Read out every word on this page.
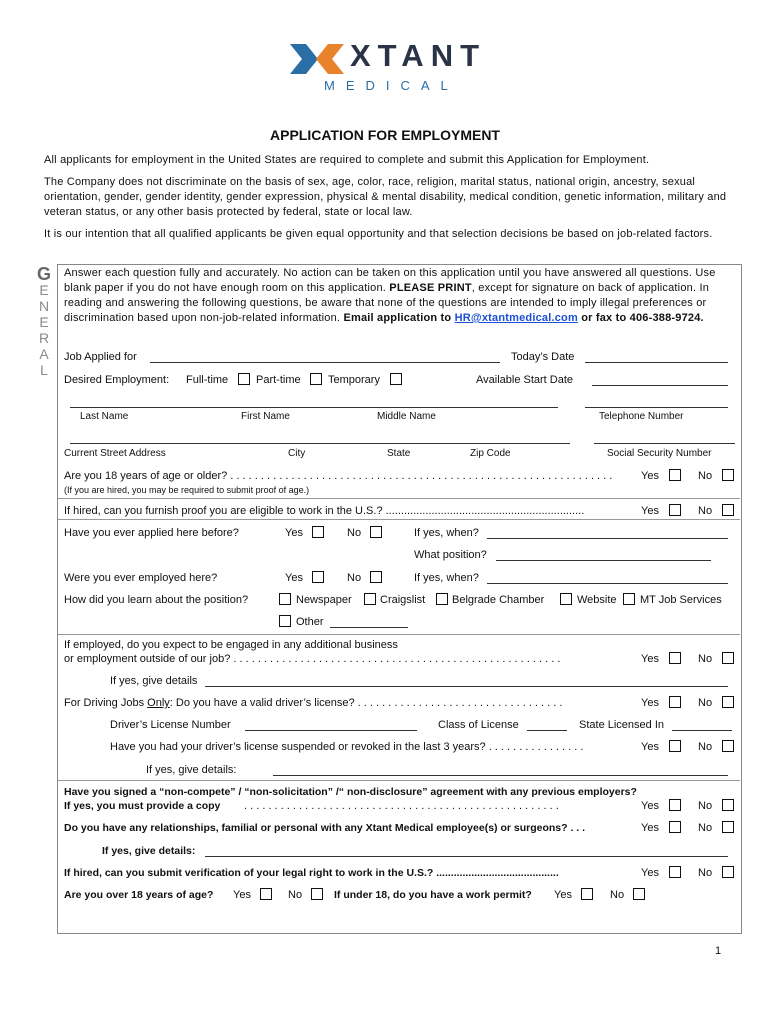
XTANT
MEDICAL
APPLICATION FOR EMPLOYMENT
All applicants for employment in the United States are required to complete and submit this Application for Employment.
The Company does not discriminate on the basis of sex, age, color, race, religion, marital status, national origin, ancestry, sexual orientation, gender, gender identity, gender expression, physical & mental disability, medical condition, genetic information, military and veteran status, or any other basis protected by federal, state or local law.
It is our intention that all qualified applicants be given equal opportunity and that selection decisions be based on job-related factors.
G
E
N
E
R
A
L
Answer each question fully and accurately. No action can be taken on this application until you have answered all questions. Use blank paper if you do not have enough room on this application. PLEASE PRINT, except for signature on back of application. In reading and answering the following questions, be aware that none of the questions are intended to imply illegal preferences or discrimination based upon non-job-related information. Email application to HR@xtantmedical.com or fax to 406-388-9724.
Job Applied for	Today’s Date
Desired Employment: Full-time	Part-time Temporary	Available Start Date
Last Name	First Name	Middle Name	Telephone Number
Current Street Address	City	State	Zip Code	Social Security Number
Are you 18 years of age or older? . . . . . . . . . . . . . . . . . . . . . . . . . . . . . . . . . . . . . . . . . . . . . . . . . . . . . . . . . . . . . . .	Yes	No
(If you are hired, you may be required to submit proof of age.)
If hired, can you furnish proof you are eligible to work in the U.S.? .................................................................	Yes	No
Have you ever applied here before?	Yes	No	If yes, when?
What position?
Were you ever employed here?	Yes	No	If yes, when?
How did you learn about the position?	Newspaper	Craigslist Belgrade Chamber	Website MT Job Services
Other
If employed, do you expect to be engaged in any additional business
or employment outside of our job? . . . . . . . . . . . . . . . . . . . . . . . . . . . . . . . . . . . . . . . . . . . . . . . . . . . . . .	Yes	No
If yes, give details
For Driving Jobs Only: Do you have a valid driver’s license? . . . . . . . . . . . . . . . . . . . . . . . . . . . . . . . . . .	Yes	No
Driver’s License Number	Class of License	State Licensed In
Have you had your driver’s license suspended or revoked in the last 3 years? . . . . . . . . . . . . . . . .	Yes	No
If yes, give details:
Have you signed a “non-compete” / “non-solicitation” /“ non-disclosure” agreement with any previous employers?
If yes, you must provide a copy . . . . . . . . . . . . . . . . . . . . . . . . . . . . . . . . . . . . . . . . . . . . . . . . . . . .	Yes	No
Do you have any relationships, familial or personal with any Xtant Medical employee(s) or surgeons? . . .	Yes	No
If yes, give details:
If hired, can you submit verification of your legal right to work in the U.S.? ..........................................	Yes	No
Are you over 18 years of age? Yes	No	If under 18, do you have a work permit? Yes	No
1
